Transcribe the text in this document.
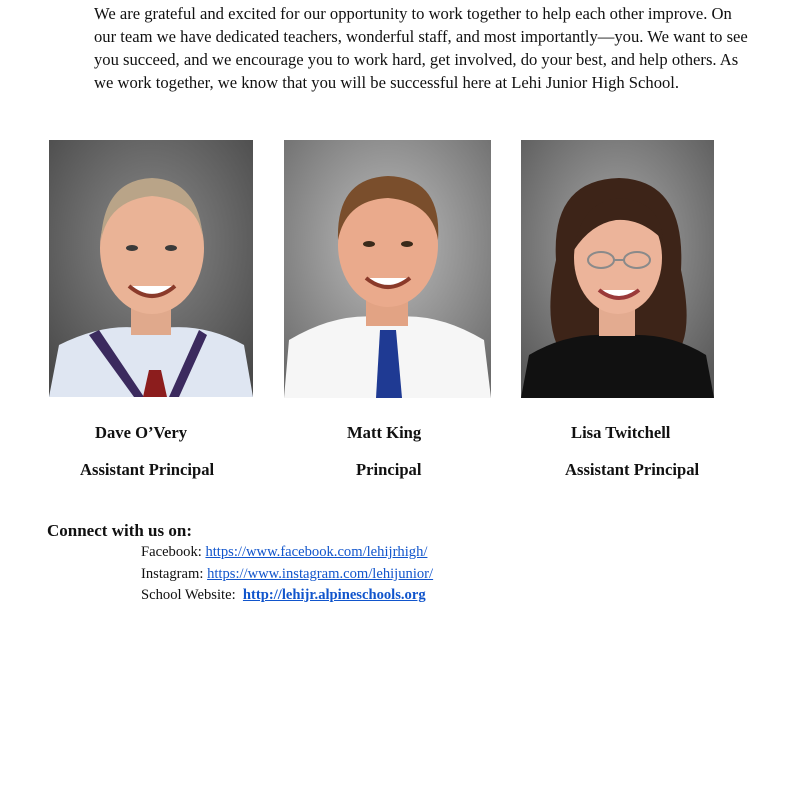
We are grateful and excited for our opportunity to work together to help each other improve. On our team we have dedicated teachers, wonderful staff, and most importantly—you. We want to see you succeed, and we encourage you to work hard, get involved, do your best, and help others. As we work together, we know that you will be successful here at Lehi Junior High School.

Dave O’Very	Matt King	Lisa Twitchell
Assistant Principal	Principal	Assistant Principal
Connect with us on:
Facebook: https://www.facebook.com/lehijrhigh/
Instagram: https://www.instagram.com/lehijunior/
School Website:  http://lehijr.alpineschools.org
